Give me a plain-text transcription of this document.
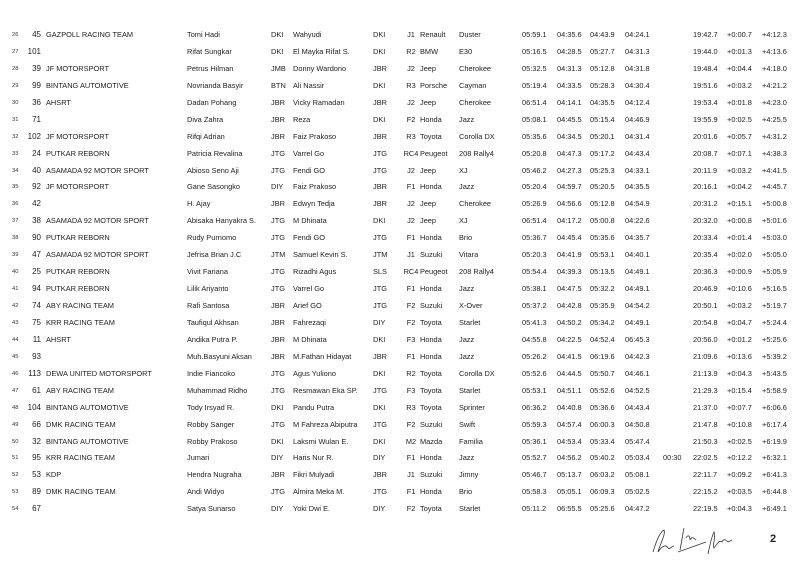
26	45 GAZPOLL RACING TEAM	Tomi Hadi	DKI Wahyudi	DKI	J1 Renault Duster	05:59.1 04:35.6 04:43.9 04:24.1	19:42.7 +0:00.7 +4:12.3
27 101	Rifat Sungkar	DKI El Mayka Rifat S.	DKI	R2 BMW	E30	05:16.5 04:28.5 05:27.7 04:31.3	19:44.0 +0:01.3 +4:13.6
28	39 JF MOTORSPORT	Petrus Hilman	JMB Donny Wardono	JBR	J2 Jeep	Cherokee	05:32.5 04:31.3 05:12.8 04:31.8	19:48.4 +0:04.4 +4:18.0
29	99 BINTANG AUTOMOTIVE	Novrianda Basyir	BTN Ali Nassir	DKI	R3 Porsche Cayman	05:19.4 04:33.5 05:28.3 04:30.4	19:51.6 +0:03.2 +4:21.2
30	36 AHSRT	Dadan Pohang	JBR Vicky Ramadan	JBR	J2 Jeep	Cherokee	06:51.4 04:14.1 04:35.5 04:12.4	19:53.4 +0:01.8 +4:23.0
31	71	Diva Zahra	JBR Reza	DKI	F2 Honda Jazz	05:08.1 04:45.5 05:15.4 04:46.9	19:55.9 +0:02.5 +4:25.5
32 102 JF MOTORSPORT	Rifqi Adrian	JBR Faiz Prakoso	JBR	R3 Toyota Corolla DX	05:35.6 04:34.5 05:20.1 04:31.4	20:01.6 +0:05.7 +4:31.2
33	24 PUTKAR REBORN	Patricia Revalina	JTG Varrel Go	JTG	RC4 Peugeot 208 Rally4	05:20.8 04:47.3 05:17.2 04:43.4	20:08.7 +0:07.1 +4:38.3
34	40 ASAMADA 92 MOTOR SPORT	Abioso Seno Aji	JTG Fendi GO	JTG	J2 Jeep	XJ	05:46.2 04:27.3 05:25.3 04:33.1	20:11.9 +0:03.2 +4:41.5
35	92 JF MOTORSPORT	Gane Sasongko	DIY Faiz Prakoso	JBR	F1 Honda Jazz	05:20.4 04:59.7 05:20.5 04:35.5	20:16.1 +0:04.2 +4:45.7
36	42	H. Ajay	JBR Edwyn Tedja	JBR	J2 Jeep	Cherokee	05:26.9 04:56.6 05:12.8 04:54.9	20:31.2 +0:15.1 +5:00.8
37	38 ASAMADA 92 MOTOR SPORT	Abisaka Hanyakra S. JTG M Dhinata	DKI	J2 Jeep	XJ	06:51.4 04:17.2 05:00.8 04:22.6	20:32.0 +0:00.8 +5:01.6
38	90 PUTKAR REBORN	Rudy Purnomo	JTG Fendi GO	JTG	F1 Honda Brio	05:36.7 04:45.4 05:35.6 04:35.7	20:33.4 +0:01.4 +5:03.0
39	47 ASAMADA 92 MOTOR SPORT	Jefrisa Brian J.C	JTM Samuel Kevin S.	JTM	J1 Suzuki Vitara	05:20.3 04:41.9 05:53.1 04:40.1	20:35.4 +0:02.0 +5:05.0
40	25 PUTKAR REBORN	Vivit Fariana	JTG Rizadhi Agus	SLS	RC4 Peugeot 208 Rally4	05:54.4 04:39.3 05:13.5 04:49.1	20:36.3 +0:00.9 +5:05.9
41	94 PUTKAR REBORN	Lilik Ariyanto	JTG Varrel Go	JTG	F1 Honda Jazz	05:38.1 04:47.5 05:32.2 04:49.1	20:46.9 +0:10.6 +5:16.5
42	74 ABY RACING TEAM	Rafi Santosa	JBR Arief GO	JTG	F2 Suzuki X-Over	05:37.2 04:42.8 05:35.9 04:54.2	20:50.1 +0:03.2 +5:19.7
43	75 KRR RACING TEAM	Taufiqul Akhsan	JBR Fahrezaqi	DIY	F2 Toyota Starlet	05:41.3 04:50.2 05:34.2 04:49.1	20:54.8 +0:04.7 +5:24.4
44	11 AHSRT	Andika Putra P.	JBR M Dhinata	DKI	F3 Honda Jazz	04:55.8 04:22.5 04:52.4 06:45.3	20:56.0 +0:01.2 +5:25.6
45	93	Muh.Basyuni Aksan	JBR M.Fathan Hidayat	JBR	F1 Honda Jazz	05:26.2 04:41.5 06:19.6 04:42.3	21:09.6 +0:13.6 +5:39.2
46 113 DEWA UNITED MOTORSPORT	Indie Fiancoko	JTG Agus Yuliono	DKI	R2 Toyota Corolla DX	05:52.6 04:44.5 05:50.7 04:46.1	21:13.9 +0:04.3 +5:43.5
47	61 ABY RACING TEAM	Muhammad Ridho	JTG Resmawan Eka SP. JTG	F3 Toyota Starlet	05:53.1 04:51.1 05:52.6 04:52.5	21:29.3 +0:15.4 +5:58.9
48 104 BINTANG AUTOMOTIVE	Tody Irsyad R.	DKI Pandu Putra	DKI	R3 Toyota Sprinter	06:36.2 04:40.8 05:36.6 04:43.4	21:37.0 +0:07.7 +6:06.6
49	66 DMK RACING TEAM	Robby Sanger	JTG M Fahreza Abiputra JTG	F2 Suzuki Swift	05:59.3 04:57.4 06:00.3 04:50.8	21:47.8 +0:10.8 +6:17.4
50	32 BINTANG AUTOMOTIVE	Robby Prakoso	DKI Laksmi Wulan E.	DKI	M2 Mazda Familia	05:36.1 04:53.4 05:33.4 05:47.4	21:50.3 +0:02.5 +6:19.9
51	95 KRR RACING TEAM	Jumari	DIY Haris Nur R.	DIY	F1 Honda Jazz	05:52.7 04:56.2 05:40.2 05:03.4 00:30 22:02.5 +0:12.2 +6:32.1
52	53 KDP	Hendra Nugraha	JBR Fikri Mulyadi	JBR	J1 Suzuki Jimny	05:46.7 05:13.7 06:03.2 05:08.1	22:11.7 +0:09.2 +6:41.3
53	89 DMK RACING TEAM	Andi Widyo	JTG Almira Meka M.	JTG	F1 Honda Brio	05:58.3 05:05.1 06:09.3 05:02.5	22:15.2 +0:03.5 +6:44.8
54	67	Satya Sunarso	DIY Yoki Dwi E.	DIY	F2 Toyota Starlet	05:11.2 06:55.5 05:25.6 04:47.2	22:19.5 +0:04.3 +6:49.1
2
